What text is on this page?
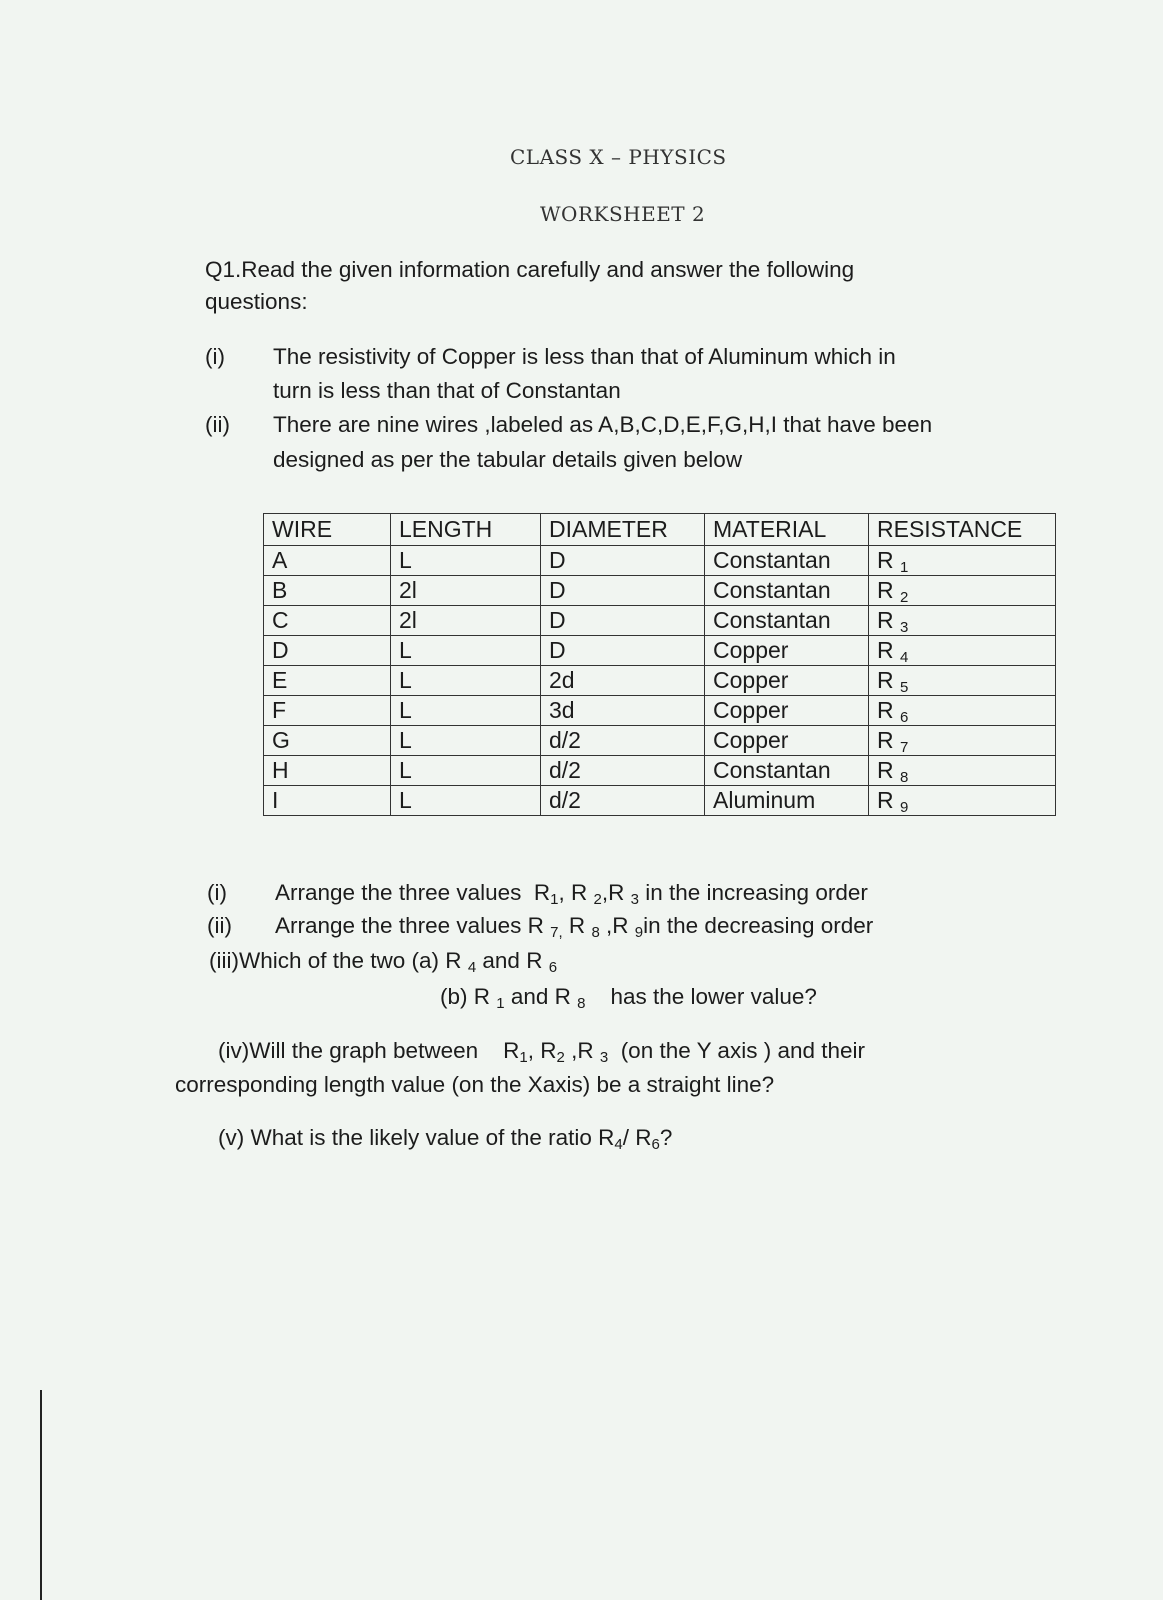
CLASS X – PHYSICS
WORKSHEET 2
Q1.Read the given information carefully and answer the following
questions:
(i) The resistivity of Copper is less than that of Aluminum which in
turn is less than that of Constantan
(ii) There are nine wires ,labeled as A,B,C,D,E,F,G,H,I that have been
designed as per the tabular details given below
WIRE	LENGTH	DIAMETER	MATERIAL	RESISTANCE
A	L	D	Constantan	R $_1$
B	2l	D	Constantan	R $_2$
C	2l	D	Constantan	R $_3$
D	L	D	Copper	R $_4$
E	L	2d	Copper	R $_5$
F	L	3d	Copper	R $_6$
G	L	d/2	Copper	R $_7$
H	L	d/2	Constantan	R $_8$
I	L	d/2	Aluminum	R $_9$
(i) Arrange the three values  $R_1$, R $_2$,R $_3$ in the increasing order
(ii) Arrange the three values R $_{7,}$ R $_8$ ,R $_9$in the decreasing order
(iii)Which of the two (a) R $_4$ and R $_6$
(b) R $_1$ and R $_8$    has the lower value?
(iv)Will the graph between    $R_1$, $R_2$ ,R $_3$  (on the Y axis ) and their
corresponding length value (on the Xaxis) be a straight line?
(v) What is the likely value of the ratio $R_4/$ $R_6$?
